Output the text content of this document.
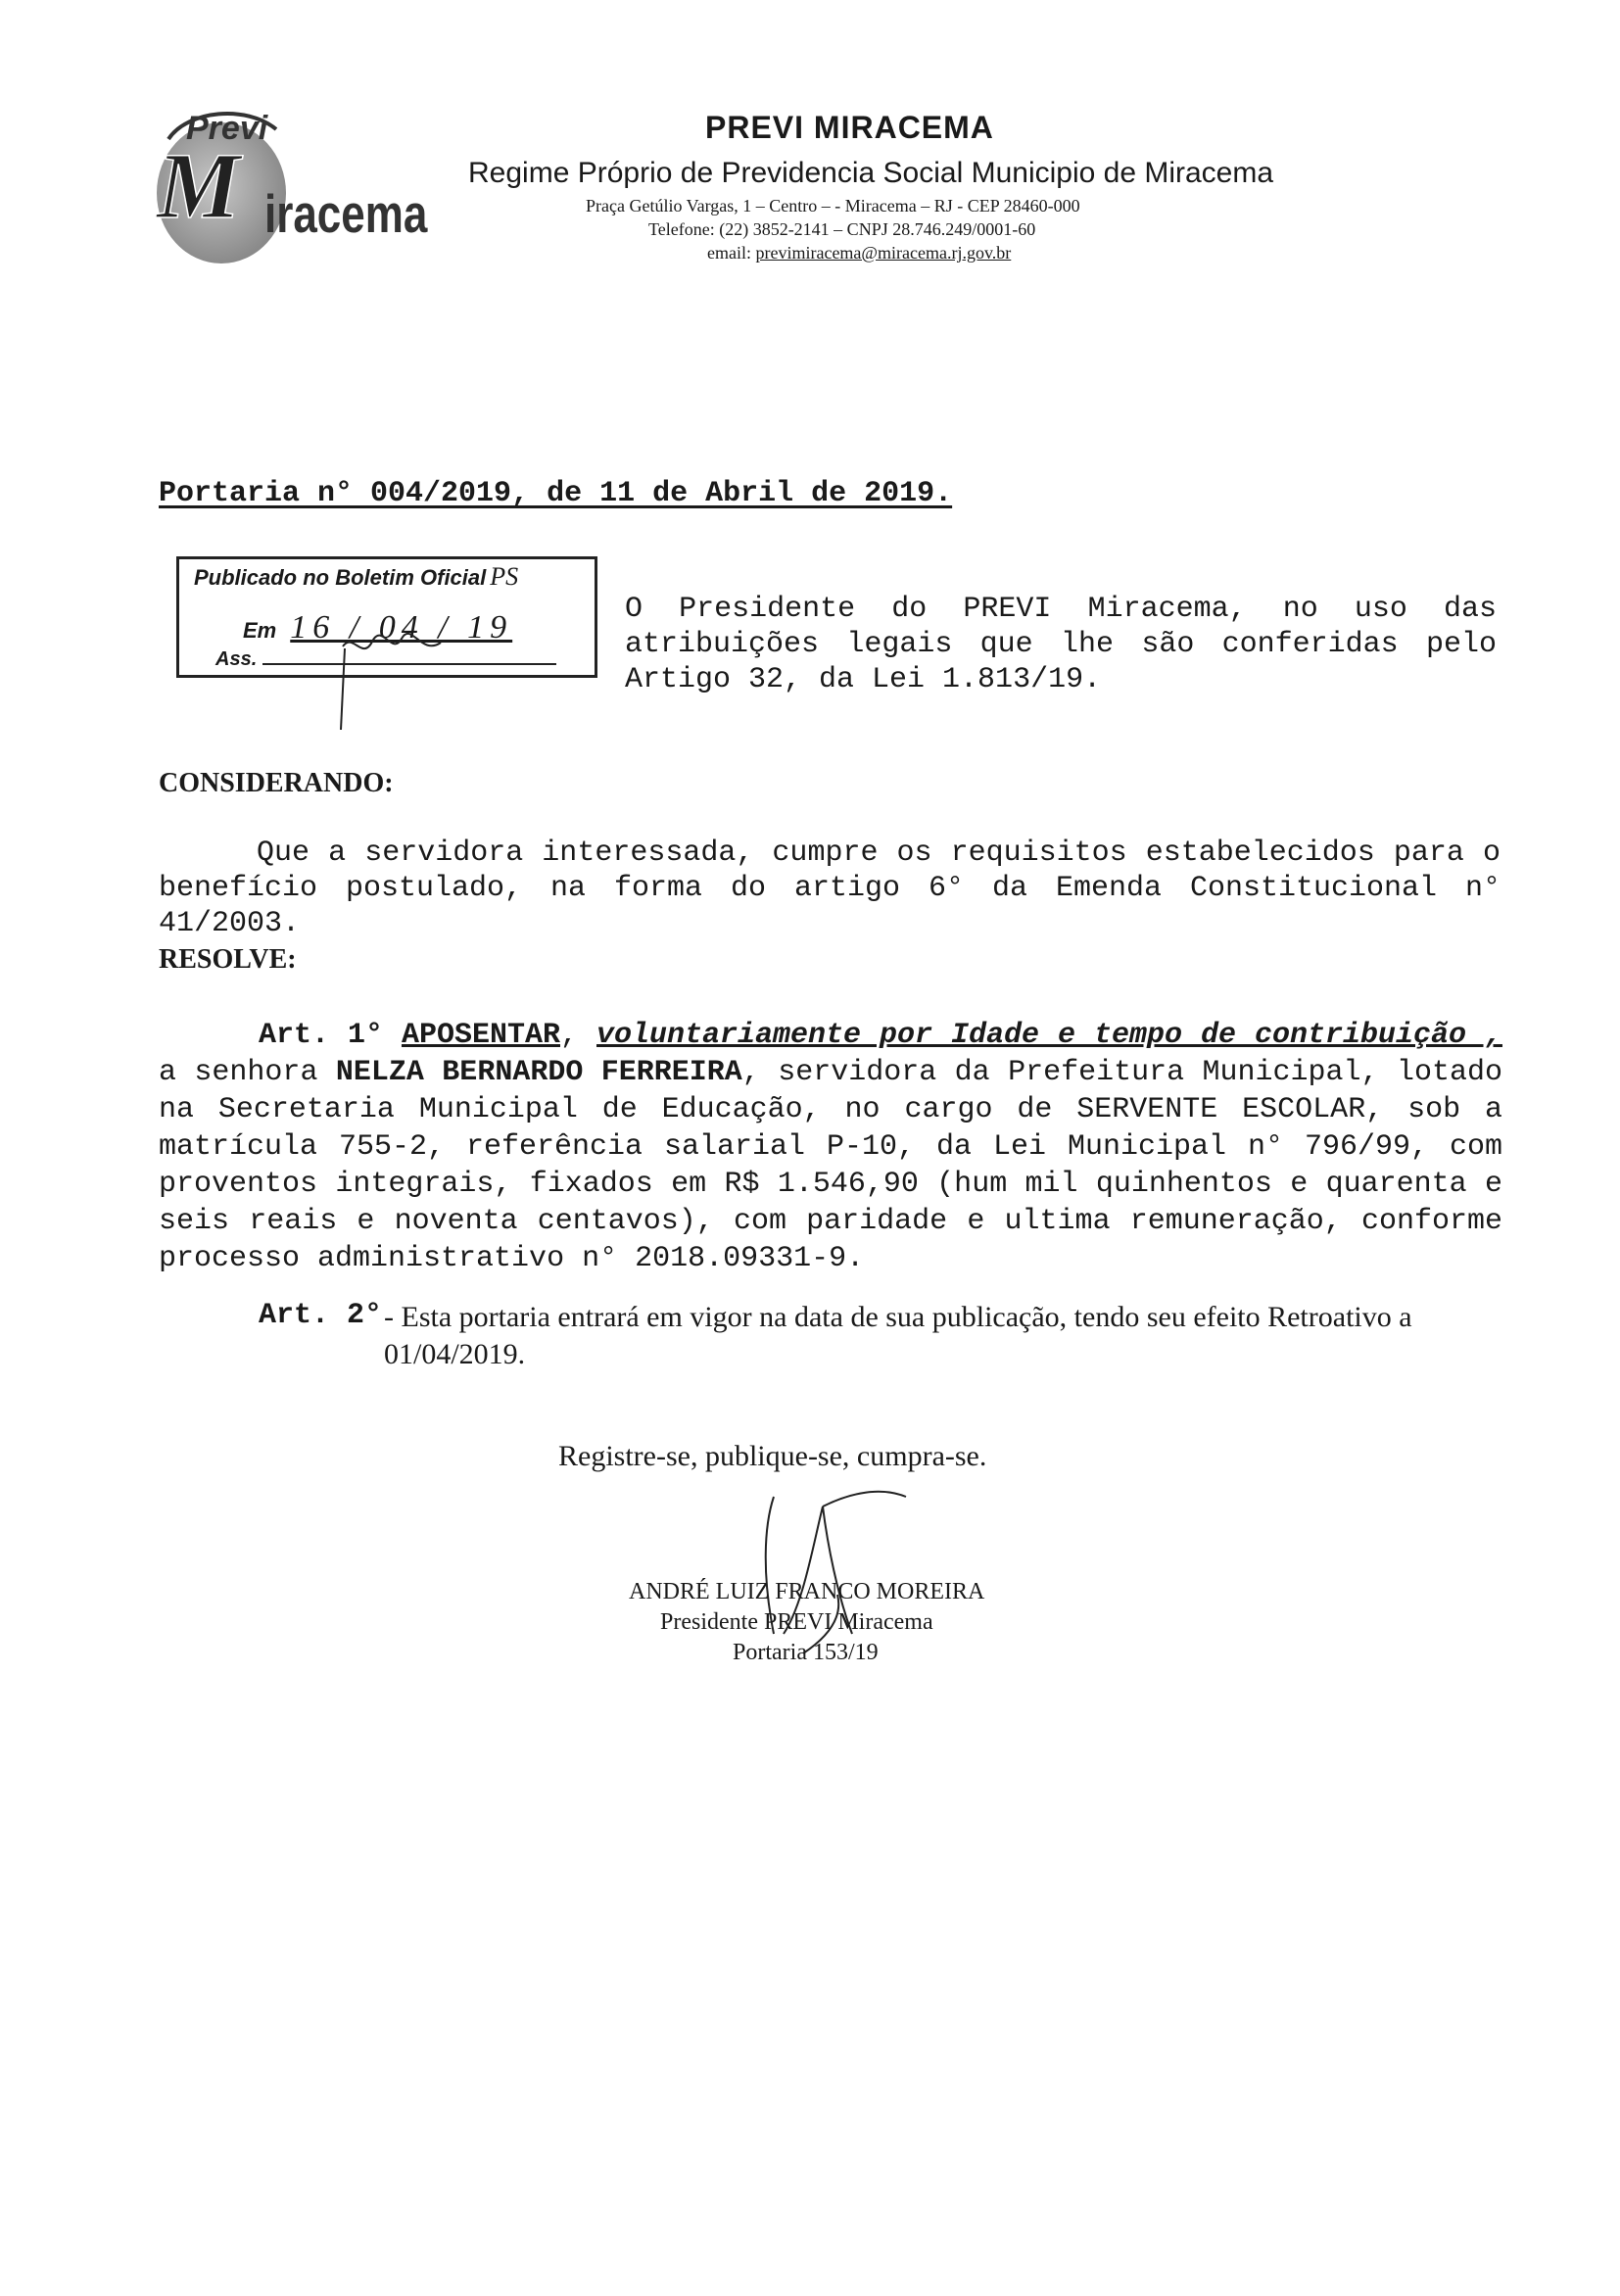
Previ
M iracema
PREVI MIRACEMA
Regime Próprio de Previdencia Social Municipio de Miracema
Praça Getúlio Vargas, 1 – Centro – - Miracema – RJ - CEP 28460-000
Telefone: (22) 3852-2141 – CNPJ 28.746.249/0001-60
email: previmiracema@miracema.rj.gov.br
Portaria n° 004/2019, de 11 de Abril de 2019.
Publicado no Boletim Oficial PS
Em 16 / 04 / 19
Ass.
O Presidente do PREVI Miracema, no uso das atribuições legais que lhe são conferidas pelo Artigo 32, da Lei 1.813/19.
CONSIDERANDO:
Que a servidora interessada, cumpre os requisitos estabelecidos para o benefício postulado, na forma do artigo 6° da Emenda Constitucional n° 41/2003.
RESOLVE:
Art. 1° APOSENTAR, voluntariamente por Idade e tempo de contribuição , a senhora NELZA BERNARDO FERREIRA, servidora da Prefeitura Municipal, lotado na Secretaria Municipal de Educação, no cargo de SERVENTE ESCOLAR, sob a matrícula 755-2, referência salarial P-10, da Lei Municipal n° 796/99, com proventos integrais, fixados em R$ 1.546,90 (hum mil quinhentos e quarenta e seis reais e noventa centavos), com paridade e ultima remuneração, conforme processo administrativo n° 2018.09331-9.
Art. 2° - Esta portaria entrará em vigor na data de sua publicação, tendo seu efeito Retroativo a 01/04/2019.
Registre-se, publique-se, cumpra-se.
ANDRÉ LUIZ FRANCO MOREIRA
Presidente PREVI Miracema
Portaria 153/19
